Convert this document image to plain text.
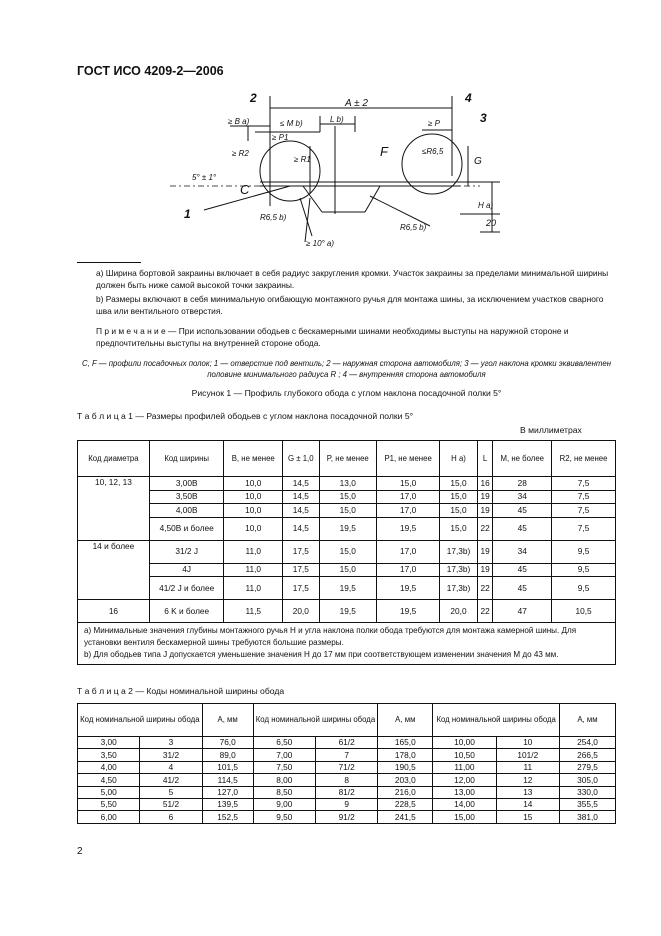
ГОСТ ИСО 4209-2—2006
2	4
3
1
A ± 2
≥ B а)	≤ M b)	L b)	≥ P
≥ P1
≥ R2
≥ R1
F
C
≤R6,5
R6,5 b)
R6,5 b)
G
5° ± 1°
H а)
20
≥ 10° а)
а) Ширина бортовой закраины включает в себя радиус закругления кромки. Участок закраины за пределами минимальной ширины должен быть ниже самой высокой точки закраины.
b) Размеры включают в себя минимальную огибающую монтажного ручья для монтажа шины, за исключением участков сварного шва или вентильного отверстия.
П р и м е ч а н и е — При использовании ободьев с бескамерными шинами необходимы выступы на наружной стороне и предпочтительны выступы на внутренней стороне обода.
C, F — профили посадочных полок; 1 — отверстие под вентиль; 2 — наружная сторона автомобиля; 3 — угол наклона кромки эквивалентен половине минимального радиуса R ; 4 — внутренняя сторона автомобиля
Рисунок 1 — Профиль глубокого обода с углом наклона посадочной полки 5°
Т а б л и ц а 1 — Размеры профилей ободьев с углом наклона посадочной полки 5°
В миллиметрах
Код диаметра	Код ширины	B, не менее	G ± 1,0	P, не менее	P1, не менее	H а)	L	M, не более	R2, не менее
10, 12, 13	3,00B	10,0	14,5	13,0	15,0	15,0	16	28	7,5
	3,50B	10,0	14,5	15,0	17,0	15,0	19	34	7,5
	4,00B	10,0	14,5	15,0	17,0	15,0	19	45	7,5
	4,50B и более	10,0	14,5	19,5	19,5	15,0	22	45	7,5
14 и более	31/2 J	11,0	17,5	15,0	17,0	17,3b)	19	34	9,5
	4J	11,0	17,5	15,0	17,0	17,3b)	19	45	9,5
	41/2 J и более	11,0	17,5	19,5	19,5	17,3b)	22	45	9,5
16	6 K и более	11,5	20,0	19,5	19,5	20,0	22	47	10,5

а) Минимальные значения глубины монтажного ручья H и угла наклона полки обода требуются для монтажа камерной шины. Для установки вентиля бескамерной шины требуются большие размеры.
b) Для ободьев типа J допускается уменьшение значения H до 17 мм при соответствующем изменении значения M до 43 мм.									
Т а б л и ц а 2 — Коды номинальной ширины обода
Код номинальной ширины обода		A, мм	Код номинальной ширины обода		A, мм	Код номинальной ширины обода		A, мм
3,00	3	76,0	6,50	61/2	165,0	10,00	10	254,0
3,50	31/2	89,0	7,00	7	178,0	10,50	101/2	266,5
4,00	4	101,5	7,50	71/2	190,5	11,00	11	279,5
4,50	41/2	114,5	8,00	8	203,0	12,00	12	305,0
5,00	5	127,0	8,50	81/2	216,0	13,00	13	330,0
5,50	51/2	139,5	9,00	9	228,5	14,00	14	355,5
6,00	6	152,5	9,50	91/2	241,5	15,00	15	381,0
2
